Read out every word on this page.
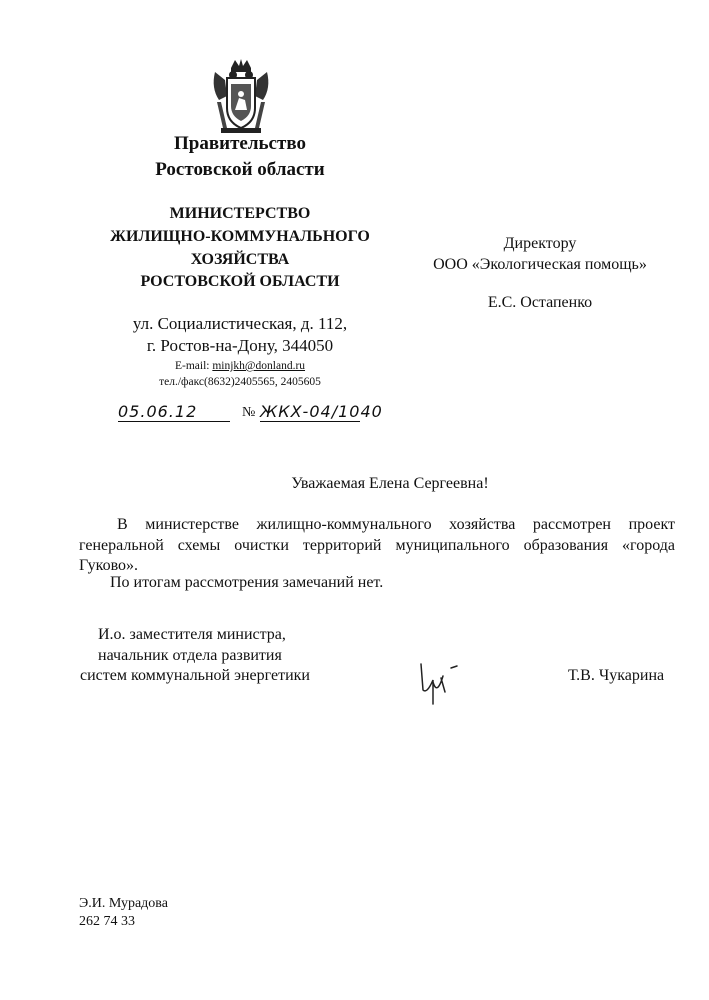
Правительство
Ростовской области
МИНИСТЕРСТВО
ЖИЛИЩНО-КОММУНАЛЬНОГО
ХОЗЯЙСТВА
РОСТОВСКОЙ ОБЛАСТИ
ул. Социалистическая, д. 112,
г. Ростов-на-Дону, 344050
E-mail: minjkh@donland.ru
тел./факс(8632)2405565, 2405605
05.06.12	№ ЖКХ-04/1040
Директору
ООО «Экологическая помощь»
Е.С. Остапенко
Уважаемая Елена Сергеевна!
В министерстве жилищно-коммунального хозяйства рассмотрен проект
генеральной схемы очистки территорий муниципального образования «города
Гуково».
По итогам рассмотрения замечаний нет.
И.о. заместителя министра,
начальник отдела развития
систем коммунальной энергетики	Т.В. Чукарина
Э.И. Мурадова
262 74 33
